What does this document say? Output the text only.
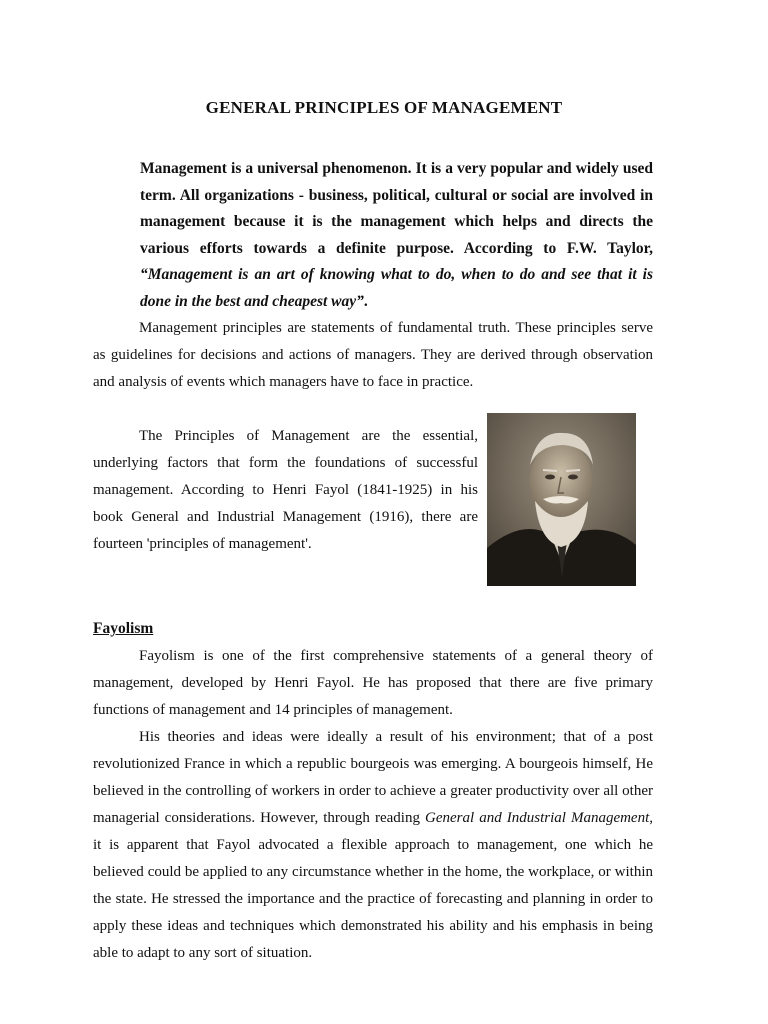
GENERAL PRINCIPLES OF MANAGEMENT
Management is a universal phenomenon. It is a very popular and widely used term. All organizations - business, political, cultural or social are involved in management because it is the management which helps and directs the various efforts towards a definite purpose. According to F.W. Taylor, “Management is an art of knowing what to do, when to do and see that it is done in the best and cheapest way”.
Management principles are statements of fundamental truth. These principles serve as guidelines for decisions and actions of managers. They are derived through observation and analysis of events which managers have to face in practice.
The Principles of Management are the essential, underlying factors that form the foundations of successful management. According to Henri Fayol (1841-1925) in his book General and Industrial Management (1916), there are fourteen 'principles of management'.
Fayolism
Fayolism is one of the first comprehensive statements of a general theory of management, developed by Henri Fayol. He has proposed that there are five primary functions of management and 14 principles of management.
His theories and ideas were ideally a result of his environment; that of a post revolutionized France in which a republic bourgeois was emerging. A bourgeois himself, He believed in the controlling of workers in order to achieve a greater productivity over all other managerial considerations. However, through reading General and Industrial Management, it is apparent that Fayol advocated a flexible approach to management, one which he believed could be applied to any circumstance whether in the home, the workplace, or within the state. He stressed the importance and the practice of forecasting and planning in order to apply these ideas and techniques which demonstrated his ability and his emphasis in being able to adapt to any sort of situation.
